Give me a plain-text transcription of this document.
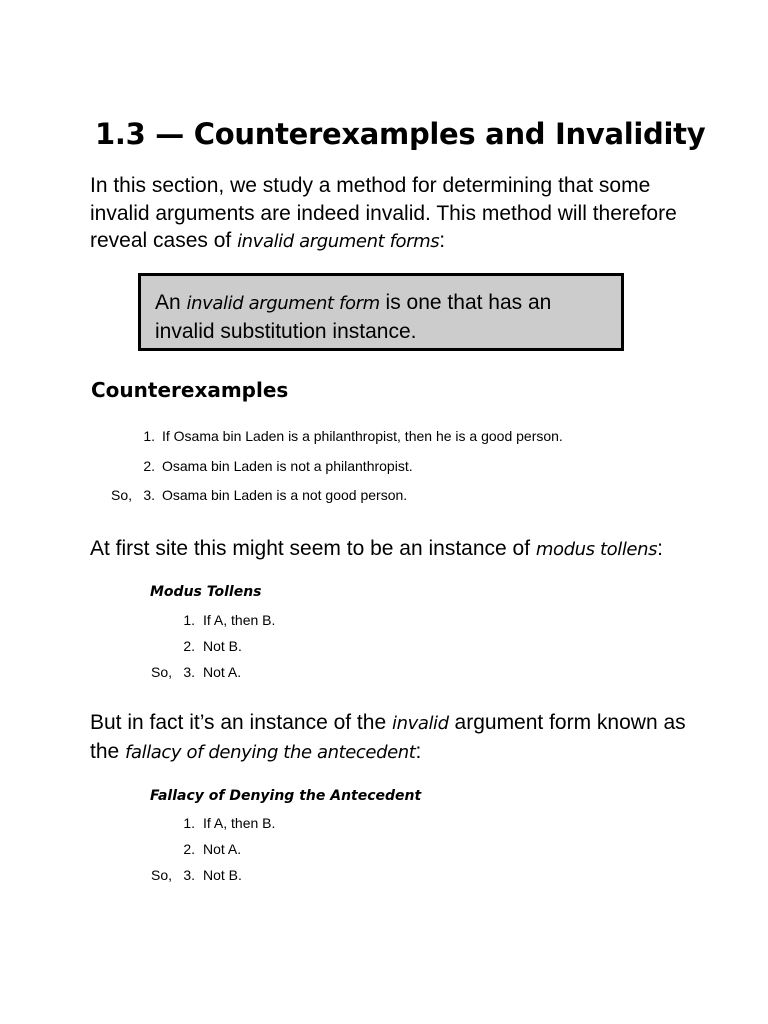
1.3 — Counterexamples and Invalidity

In this section, we study a method for determining that some
invalid arguments are indeed invalid. This method will therefore
reveal cases of invalid argument forms:

An invalid argument form is one that has an invalid substitution instance.
Counterexamples
1. If Osama bin Laden is a philanthropist, then he is a good person.
2. Osama bin Laden is not a philanthropist.
So, 3. Osama bin Laden is a not good person.

At first site this might seem to be an instance of modus tollens:

Modus Tollens
1. If A, then B.
2. Not B.
So, 3. Not A.

But in fact it’s an instance of the invalid argument form known as
the fallacy of denying the antecedent:

Fallacy of Denying the Antecedent
1. If A, then B.
2. Not A.
So, 3. Not B.
